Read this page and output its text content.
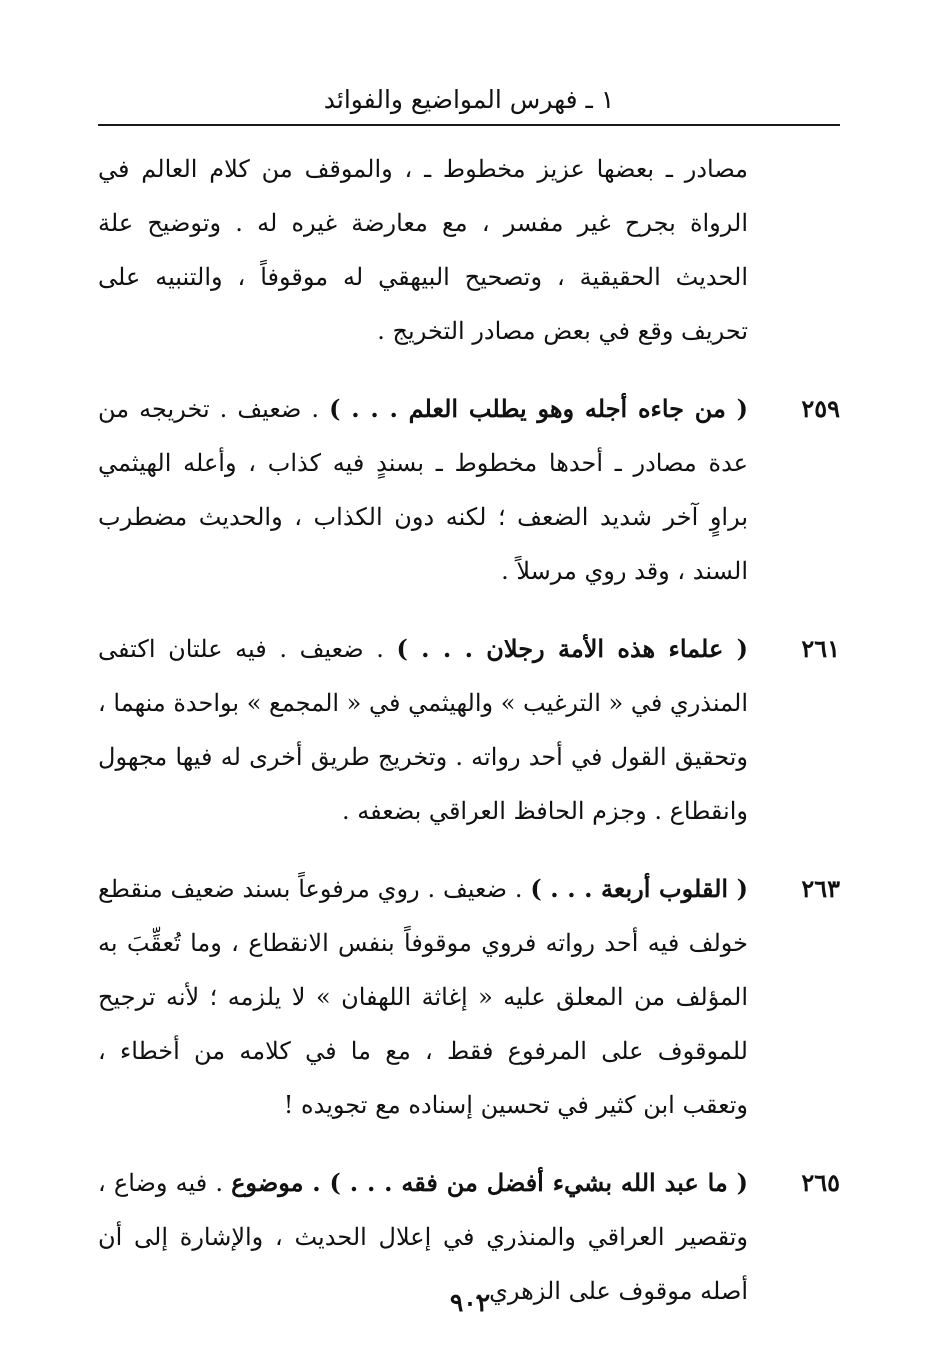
١ ـ فهرس المواضيع والفوائد
مصادر ـ بعضها عزيز مخطوط ـ ، والموقف من كلام العالم في الرواة بجرح غير مفسر ، مع معارضة غيره له . وتوضيح علة الحديث الحقيقية ، وتصحيح البيهقي له موقوفاً ، والتنبيه على تحريف وقع في بعض مصادر التخريج .
٢٥٩
( من جاءه أجله وهو يطلب العلم . . . ) . ضعيف . تخريجه من عدة مصادر ـ أحدها مخطوط ـ بسندٍ فيه كذاب ، وأعله الهيثمي براوٍ آخر شديد الضعف ؛ لكنه دون الكذاب ، والحديث مضطرب السند ، وقد روي مرسلاً .
٢٦١
( علماء هذه الأمة رجلان . . . ) . ضعيف . فيه علتان اكتفى المنذري في « الترغيب » والهيثمي في « المجمع » بواحدة منهما ، وتحقيق القول في أحد رواته . وتخريج طريق أخرى له فيها مجهول وانقطاع . وجزم الحافظ العراقي بضعفه .
٢٦٣
( القلوب أربعة . . . ) . ضعيف . روي مرفوعاً بسند ضعيف منقطع خولف فيه أحد رواته فروي موقوفاً بنفس الانقطاع ، وما تُعقِّبَ به المؤلف من المعلق عليه « إغاثة اللهفان » لا يلزمه ؛ لأنه ترجيح للموقوف على المرفوع فقط ، مع ما في كلامه من أخطاء ، وتعقب ابن كثير في تحسين إسناده مع تجويده !
٢٦٥
( ما عبد الله بشيء أفضل من فقه . . . ) . موضوع . فيه وضاع ، وتقصير العراقي والمنذري في إعلال الحديث ، والإشارة إلى أن أصله موقوف على الزهري .
٩٠٢
